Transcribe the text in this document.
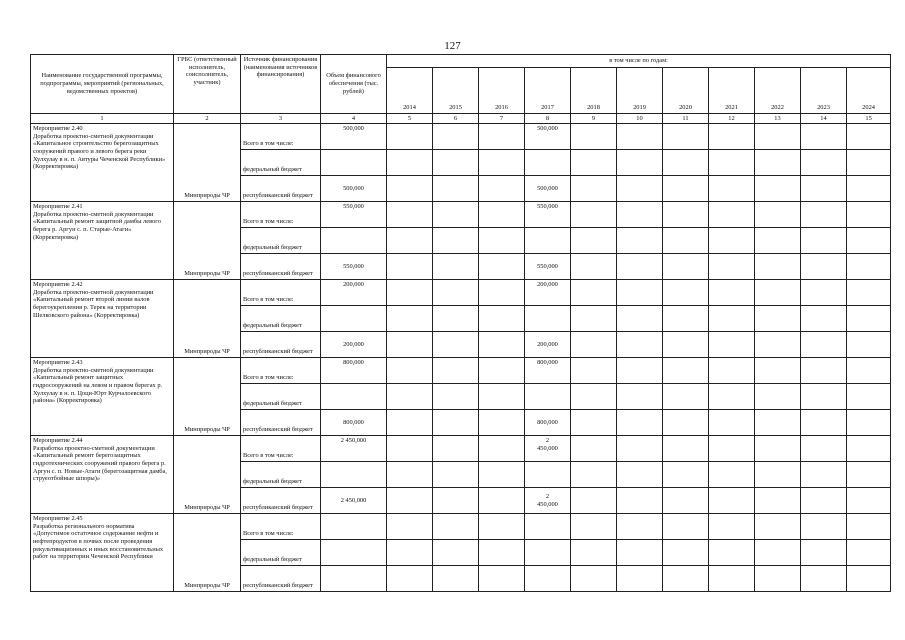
127
Наименование государственной программы, подпрограммы, мероприятий (региональных, ведомственных проектов)	ГРБС (ответственный исполнитель, соисполнитель, участник)	Источник финансирования (наименования источников финансирования)	Объем финансового обеспечения (тыс. рублей)	в том числе по годам:										
				2014	2015	2016	2017	2018	2019	2020	2021	2022	2023	2024
1	2	3	4	5	6	7	8	9	10	11	12	13	14	15
Мероприятие 2.40
Доработка проектно-сметной документации «Капитальное строительство берегозащитных сооружений правого и левого берега реки Хулхулау в н. п. Автуры Чеченской Республики» (Корректировка)	Минприроды ЧР	Всего в том числе:	500,000				500,000							
		федеральный бюджет												
		республиканский бюджет	500,000				500,000							
Мероприятие 2.41
Доработка проектно-сметной документации «Капитальный ремонт защитной дамбы левого берега р. Аргун с. п. Старые-Атаги» (Корректировка)	Минприроды ЧР	Всего в том числе:	550,000				550,000							
		федеральный бюджет												
		республиканский бюджет	550,000				550,000							
Мероприятие 2.42
Доработка проектно-сметной документации «Капитальный ремонт второй линии валов берегоукрепления р. Терек на территории Шелковского района» (Корректировка)	Минприроды ЧР	Всего в том числе:	200,000				200,000							
		федеральный бюджет												
		республиканский бюджет	200,000				200,000							
Мероприятие 2.43
Доработка проектно-сметной документации «Капитальный ремонт защитных гидросооружений на левом и правом берегах р. Хулхулау в н. п. Цоци-Юрт Курчалоевского района» (Корректировка)	Минприроды ЧР	Всего в том числе:	800,000				800,000							
		федеральный бюджет												
		республиканский бюджет	800,000				800,000							
Мероприятие 2.44
Разработка проектно-сметной документации «Капитальный ремонт берегозащитных гидротехнических сооружений правого берега р. Аргун с. п. Новые-Атаги (берегозащитная дамба, струеотбойные шпоры)»	Минприроды ЧР	Всего в том числе:	2 450,000				2
450,000							
		федеральный бюджет												
		республиканский бюджет	2 450,000				2
450,000							
Мероприятие 2.45
Разработка регионального норматива «Допустимое остаточное содержание нефти и нефтепродуктов в почвах после проведения рекультивационных и иных восстановительных работ на территории Чеченской Республики	Минприроды ЧР	Всего в том числе:												
		федеральный бюджет												
		республиканский бюджет												
